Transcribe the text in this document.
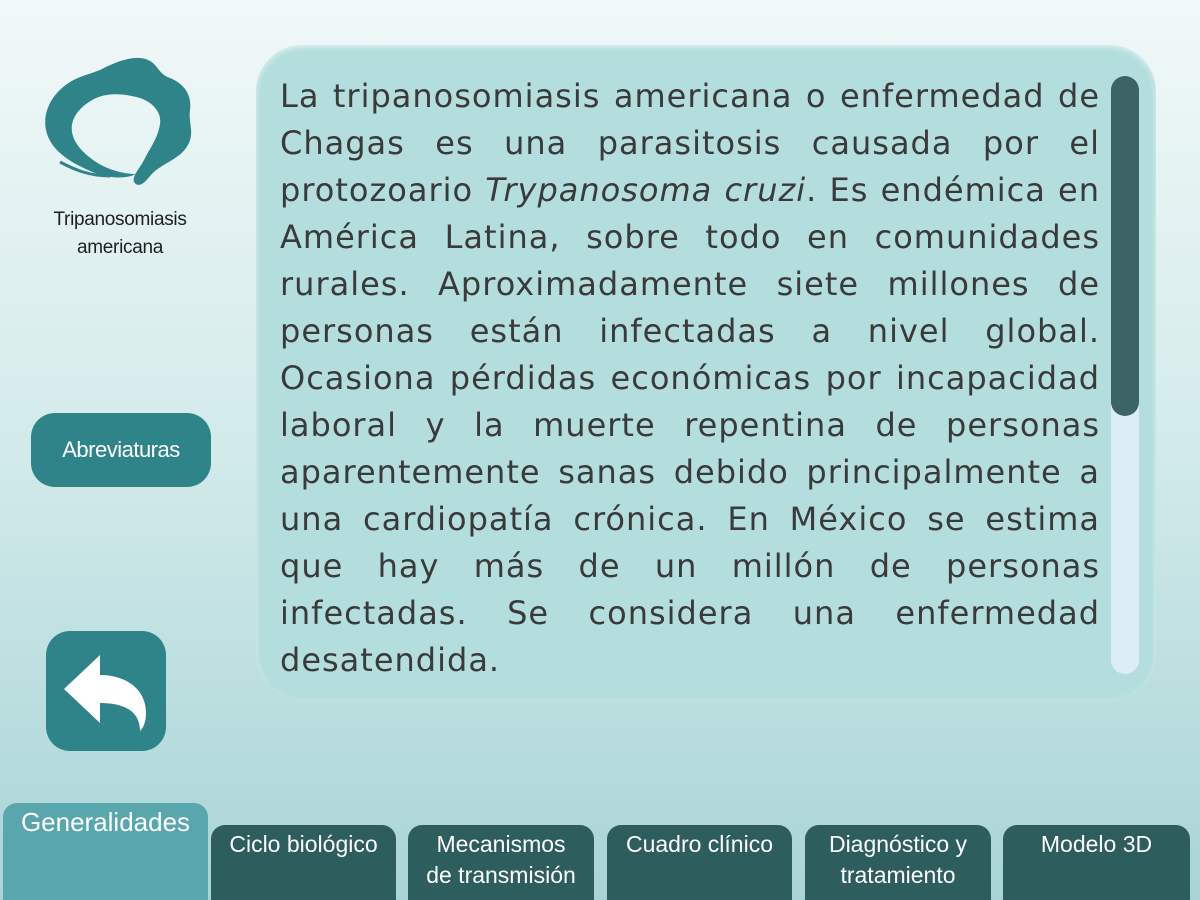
Tripanosomiasis
americana
Abreviaturas
La tripanosomiasis americana o enfermedad de Chagas es una parasitosis causada por el protozoario Trypanosoma cruzi. Es endémica en América Latina, sobre todo en comunidades rurales. Aproximadamente siete millones de personas están infectadas a nivel global. Ocasiona pérdidas económicas por incapacidad laboral y la muerte repentina de personas aparentemente sanas debido principalmente a una cardiopatía crónica. En México se estima que hay más de un millón de personas infectadas. Se considera una enfermedad desatendida.
Generalidades
Ciclo biológico	Mecanismos
de transmisión
Cuadro clínico	Diagnóstico y
tratamiento
Modelo 3D
